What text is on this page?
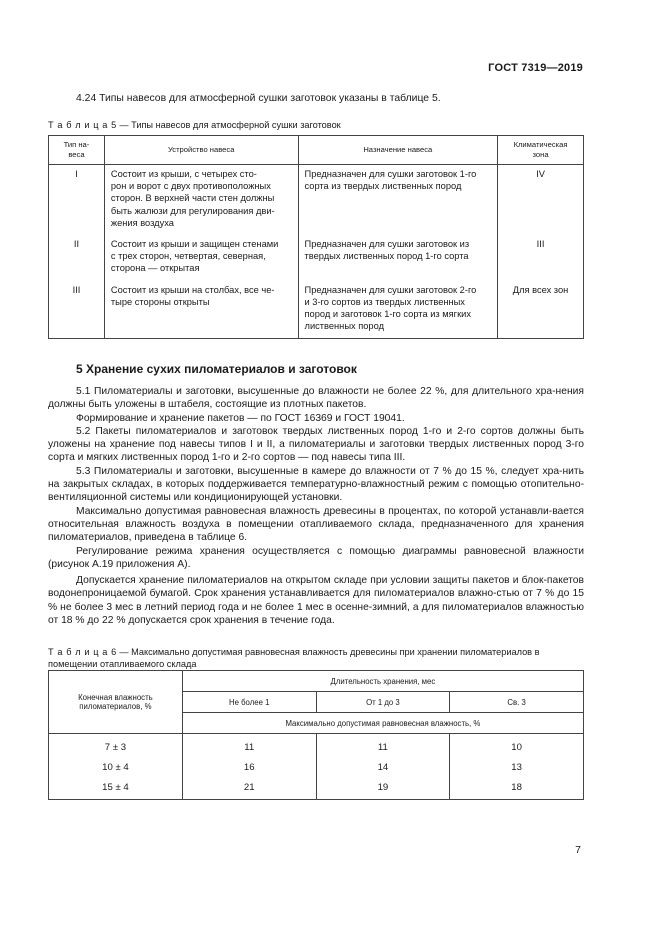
ГОСТ 7319—2019
4.24 Типы навесов для атмосферной сушки заготовок указаны в таблице 5.
Т а б л и ц а 5 — Типы навесов для атмосферной сушки заготовок
Тип на-
веса	Устройство навеса	Назначение навеса	Климатическая
зона
I	Состоит из крыши, с четырех сто-
рон и ворот с двух противоположных
сторон. В верхней части стен должны
быть жалюзи для регулирования дви-
жения воздуха	Предназначен для сушки заготовок 1-го
сорта из твердых лиственных пород	IV
II	Состоит из крыши и защищен стенами
с трех сторон, четвертая, северная,
сторона — открытая	Предназначен для сушки заготовок из
твердых лиственных пород 1-го сорта	III
III	Состоит из крыши на столбах, все че-
тыре стороны открыты	Предназначен для сушки заготовок 2-го
и 3-го сортов из твердых лиственных
пород и заготовок 1-го сорта из мягких
лиственных пород	Для всех зон
5 Хранение сухих пиломатериалов и заготовок

5.1 Пиломатериалы и заготовки, высушенные до влажности не более 22 %, для длительного хра-нения должны быть уложены в штабеля, состоящие из плотных пакетов.

Формирование и хранение пакетов — по ГОСТ 16369 и ГОСТ 19041.

5.2 Пакеты пиломатериалов и заготовок твердых лиственных пород 1-го и 2-го сортов должны быть уложены на хранение под навесы типов I и II, а пиломатериалы и заготовки твердых лиственных пород 3-го сорта и мягких лиственных пород 1-го и 2-го сортов — под навесы типа III.

5.3 Пиломатериалы и заготовки, высушенные в камере до влажности от 7 % до 15 %, следует хра-нить на закрытых складах, в которых поддерживается температурно-влажностный режим с помощью отопительно-вентиляционной системы или кондиционирующей установки.

Максимально допустимая равновесная влажность древесины в процентах, по которой устанавли-вается относительная влажность воздуха в помещении отапливаемого склада, предназначенного для хранения пиломатериалов, приведена в таблице 6.

Регулирование режима хранения осуществляется с помощью диаграммы равновесной влажности (рисунок А.19 приложения А).

Допускается хранение пиломатериалов на открытом складе при условии защиты пакетов и блок-пакетов водонепроницаемой бумагой. Срок хранения устанавливается для пиломатериалов влажно-стью от 7 % до 15 % не более 3 мес в летний период года и не более 1 мес в осенне-зимний, а для пиломатериалов влажностью от 18 % до 22 % допускается срок хранения в течение года.

Т а б л и ц а 6 — Максимально допустимая равновесная влажность древесины при хранении пиломатериалов в помещении отапливаемого склада
Конечная влажность
пиломатериалов, %	Длительность хранения, мес		
	Не более 1	От 1 до 3	Св. 3
	Максимально допустимая равновесная влажность, %		
7 ± 3	11	11	10
10 ± 4	16	14	13
15 ± 4	21	19	18
7
